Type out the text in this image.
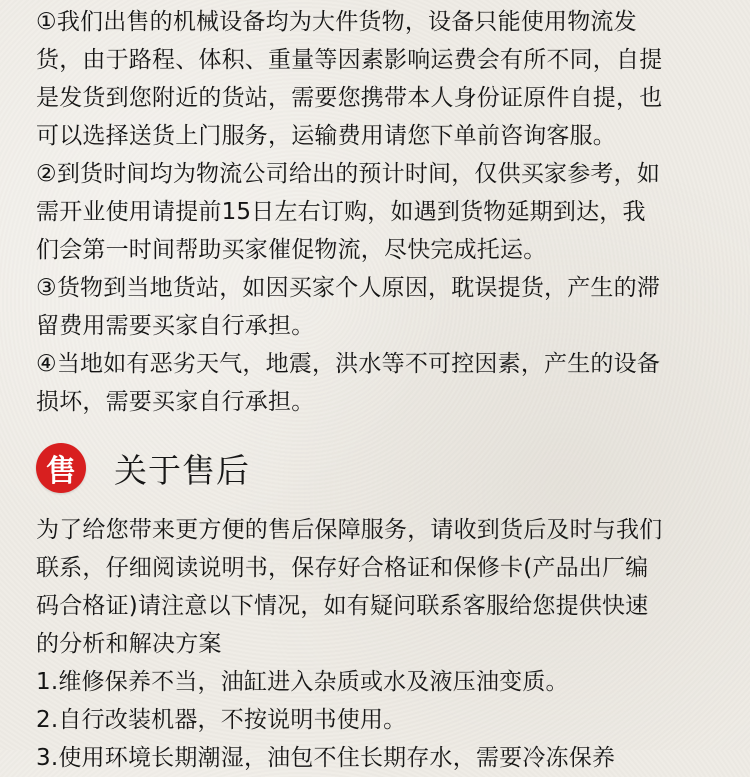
①我们出售的机械设备均为大件货物，设备只能使用物流发
货，由于路程、体积、重量等因素影响运费会有所不同，自提
是发货到您附近的货站，需要您携带本人身份证原件自提，也
可以选择送货上门服务，运输费用请您下单前咨询客服。
②到货时间均为物流公司给出的预计时间，仅供买家参考，如
需开业使用请提前15日左右订购，如遇到货物延期到达，我
们会第一时间帮助买家催促物流，尽快完成托运。
③货物到当地货站，如因买家个人原因，耽误提货，产生的滞
留费用需要买家自行承担。
④当地如有恶劣天气，地震，洪水等不可控因素，产生的设备
损坏，需要买家自行承担。
售	关于售后
为了给您带来更方便的售后保障服务，请收到货后及时与我们
联系，仔细阅读说明书，保存好合格证和保修卡(产品出厂编
码合格证)请注意以下情况，如有疑问联系客服给您提供快速
的分析和解决方案
1.维修保养不当，油缸进入杂质或水及液压油变质。
2.自行改装机器，不按说明书使用。
3.使用环境长期潮湿，油包不住长期存水，需要冷冻保养
